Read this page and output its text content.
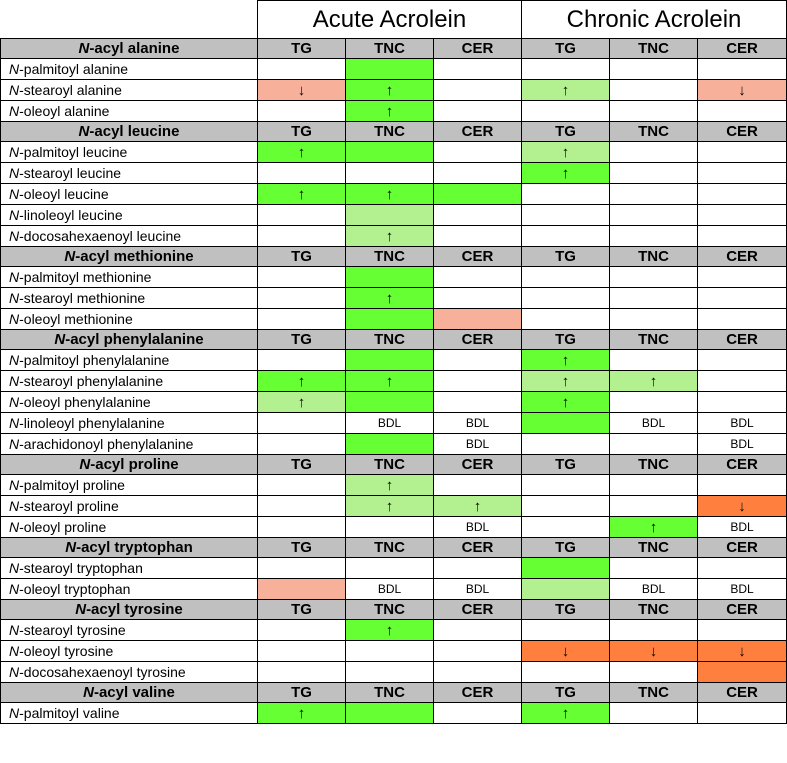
	Acute Acrolein			Chronic Acrolein		
N-acyl alanine	TG	TNC	CER	TG	TNC	CER
N-palmitoyl alanine						
N-stearoyl alanine	↓	↑		↑		↓
N-oleoyl alanine		↑				
N-acyl leucine	TG	TNC	CER	TG	TNC	CER
N-palmitoyl leucine	↑			↑		
N-stearoyl leucine				↑		
N-oleoyl leucine	↑	↑				
N-linoleoyl leucine						
N-docosahexaenoyl leucine		↑				
N-acyl methionine	TG	TNC	CER	TG	TNC	CER
N-palmitoyl methionine						
N-stearoyl methionine		↑				
N-oleoyl methionine						
N-acyl phenylalanine	TG	TNC	CER	TG	TNC	CER
N-palmitoyl phenylalanine				↑		
N-stearoyl phenylalanine	↑	↑		↑	↑	
N-oleoyl phenylalanine	↑			↑		
N-linoleoyl phenylalanine		BDL	BDL		BDL	BDL
N-arachidonoyl phenylalanine			BDL			BDL
N-acyl proline	TG	TNC	CER	TG	TNC	CER
N-palmitoyl proline		↑				
N-stearoyl proline		↑	↑			↓
N-oleoyl proline			BDL		↑	BDL
N-acyl tryptophan	TG	TNC	CER	TG	TNC	CER
N-stearoyl tryptophan						
N-oleoyl tryptophan		BDL	BDL		BDL	BDL
N-acyl tyrosine	TG	TNC	CER	TG	TNC	CER
N-stearoyl tyrosine		↑				
N-oleoyl tyrosine				↓	↓	↓
N-docosahexaenoyl tyrosine						
N-acyl valine	TG	TNC	CER	TG	TNC	CER
N-palmitoyl valine	↑			↑		
